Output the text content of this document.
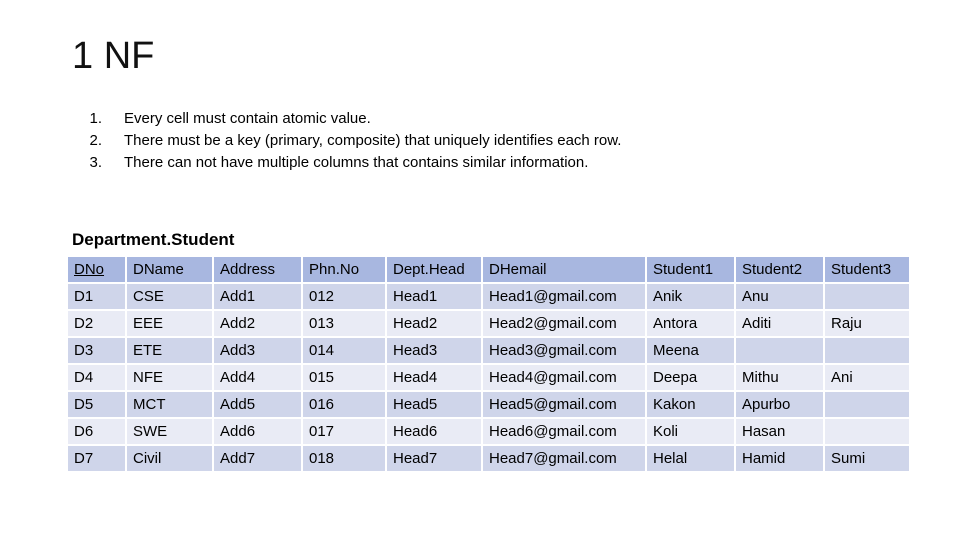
1 NF
1.	Every cell must contain atomic value.
2.	There must be a key (primary, composite) that uniquely identifies each row.
3.	There can not have multiple columns that contains similar information.
Department.Student
DNo	DName	Address	Phn.No	Dept.Head	DHemail	Student1	Student2	Student3
D1	CSE	Add1	012	Head1	Head1@gmail.com	Anik	Anu	
D2	EEE	Add2	013	Head2	Head2@gmail.com	Antora	Aditi	Raju
D3	ETE	Add3	014	Head3	Head3@gmail.com	Meena		
D4	NFE	Add4	015	Head4	Head4@gmail.com	Deepa	Mithu	Ani
D5	MCT	Add5	016	Head5	Head5@gmail.com	Kakon	Apurbo	
D6	SWE	Add6	017	Head6	Head6@gmail.com	Koli	Hasan	
D7	Civil	Add7	018	Head7	Head7@gmail.com	Helal	Hamid	Sumi
